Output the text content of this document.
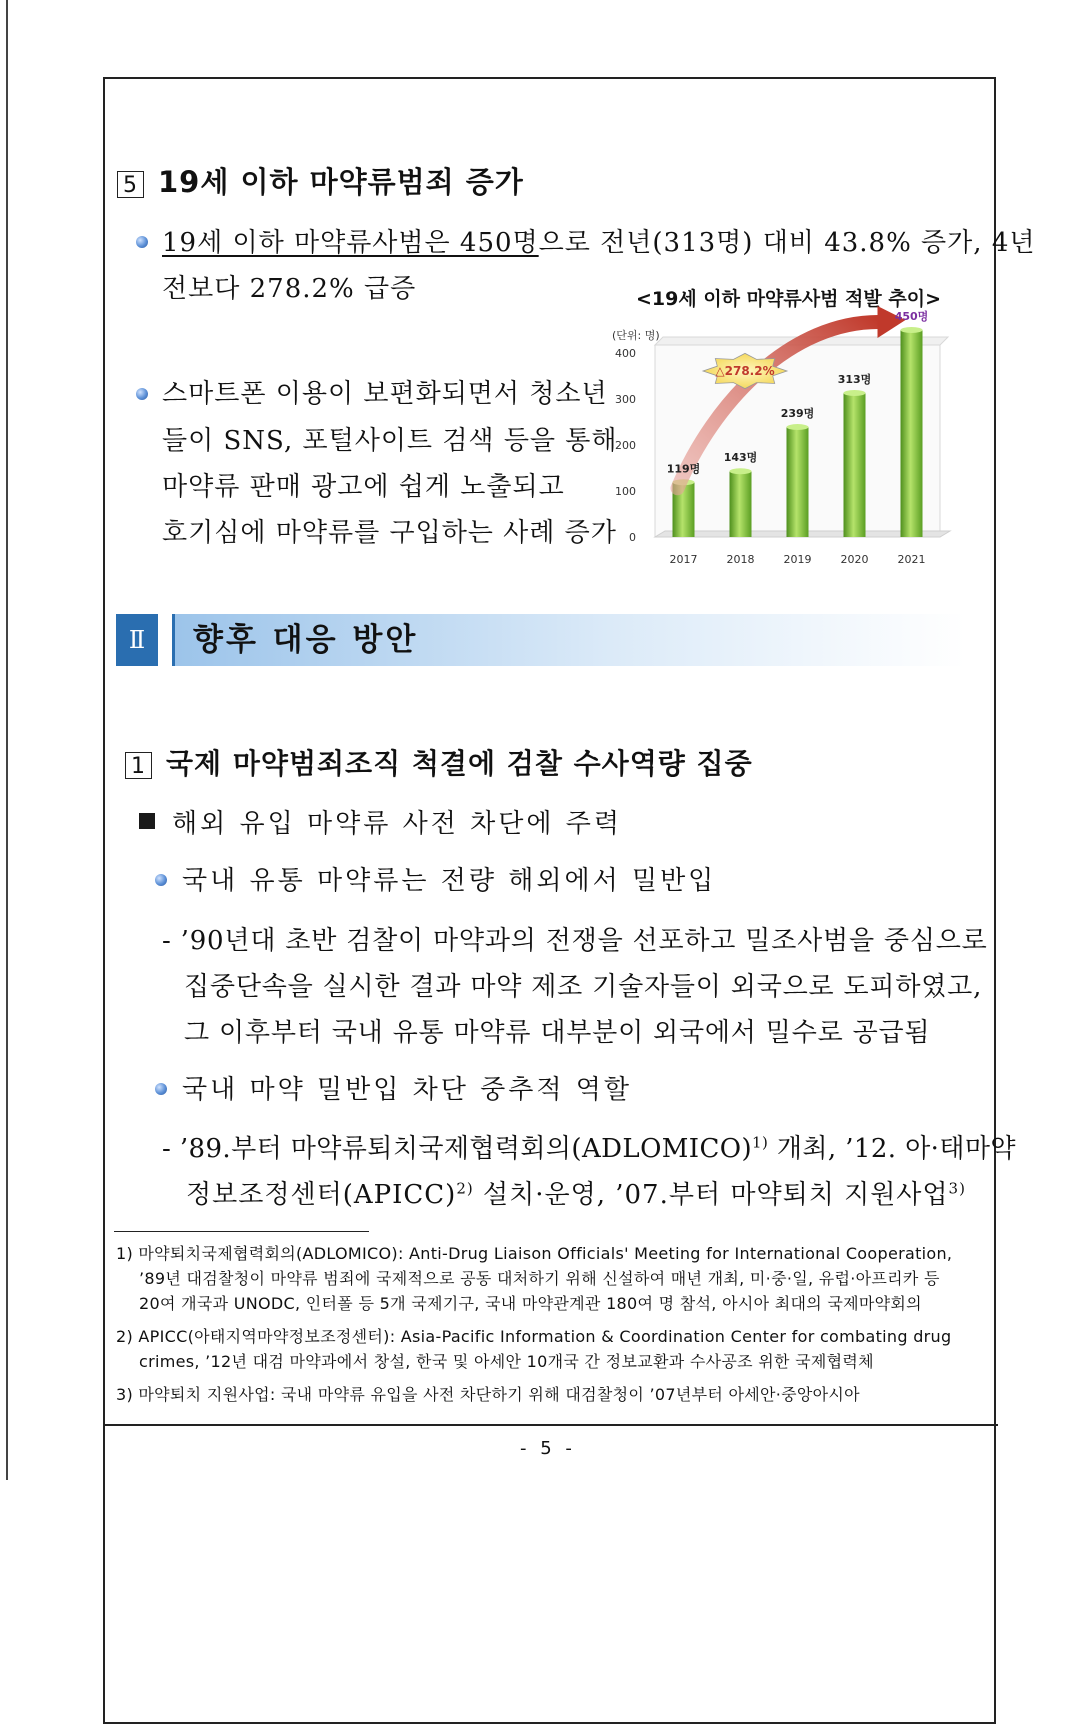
5 19세 이하 마약류범죄 증가
19세 이하 마약류사범은 450명으로 전년(313명) 대비 43.8% 증가, 4년
전보다 278.2% 급증	<19세 이하 마약류사범 적발 추이>
스마트폰 이용이 보편화되면서 청소년
들이 SNS, 포털사이트 검색 등을 통해
마약류 판매 광고에 쉽게 노출되고
호기심에 마약류를 구입하는 사례 증가
(단위: 명)
0
100
200
300
400
2017	2018	2019	2020	2021
119명
143명
239명
313명
450명
△278.2%
Ⅱ	향후 대응 방안
1 국제 마약범죄조직 척결에 검찰 수사역량 집중
해외 유입 마약류 사전 차단에 주력
국내 유통 마약류는 전량 해외에서 밀반입
- ’90년대 초반 검찰이 마약과의 전쟁을 선포하고 밀조사범을 중심으로
집중단속을 실시한 결과 마약 제조 기술자들이 외국으로 도피하였고,
그 이후부터 국내 유통 마약류 대부분이 외국에서 밀수로 공급됨
국내 마약 밀반입 차단 중추적 역할
- ’89.부터 마약류퇴치국제협력회의(ADLOMICO)$^{1)}$ 개최, ’12. 아·태마약
정보조정센터(APICC)$^{2)}$ 설치·운영, ’07.부터 마약퇴치 지원사업$^{3)}$
1) 마약퇴치국제협력회의(ADLOMICO): Anti-Drug Liaison Officials' Meeting for International Cooperation,
’89년 대검찰청이 마약류 범죄에 국제적으로 공동 대처하기 위해 신설하여 매년 개최, 미·중·일, 유럽·아프리카 등
20여 개국과 UNODC, 인터폴 등 5개 국제기구, 국내 마약관계관 180여 명 참석, 아시아 최대의 국제마약회의
2) APICC(아태지역마약정보조정센터): Asia-Pacific Information & Coordination Center for combating drug
crimes, ’12년 대검 마약과에서 창설, 한국 및 아세안 10개국 간 정보교환과 수사공조 위한 국제협력체
3) 마약퇴치 지원사업: 국내 마약류 유입을 사전 차단하기 위해 대검찰청이 ’07년부터 아세안·중앙아시아
- 5 -
